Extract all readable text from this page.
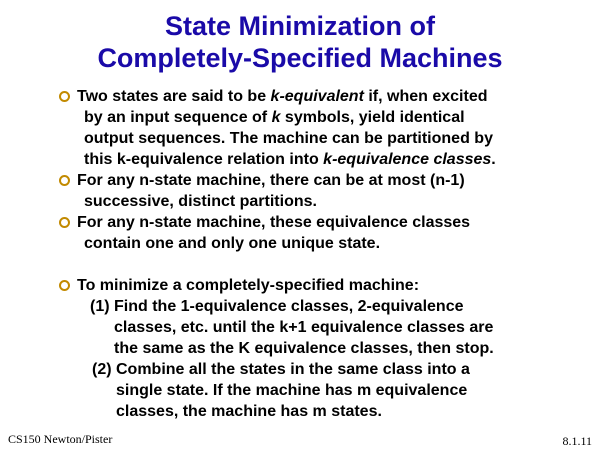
State Minimization of
Completely-Specified Machines
Two states are said to be k-equivalent if, when excited
by an input sequence of k symbols, yield identical
output sequences. The machine can be partitioned by
this k-equivalence relation into k-equivalence classes.
For any n-state machine, there can be at most (n-1)
successive, distinct partitions.
For any n-state machine, these equivalence classes
contain one and only one unique state.
To minimize a completely-specified machine:
(1) Find the 1-equivalence classes, 2-equivalence
classes, etc. until the k+1 equivalence classes are
the same as the K equivalence classes, then stop.
(2) Combine all the states in the same class into a
single state. If the machine has m equivalence
classes, the machine has m states.
CS150 Newton/Pister	8.1.11
